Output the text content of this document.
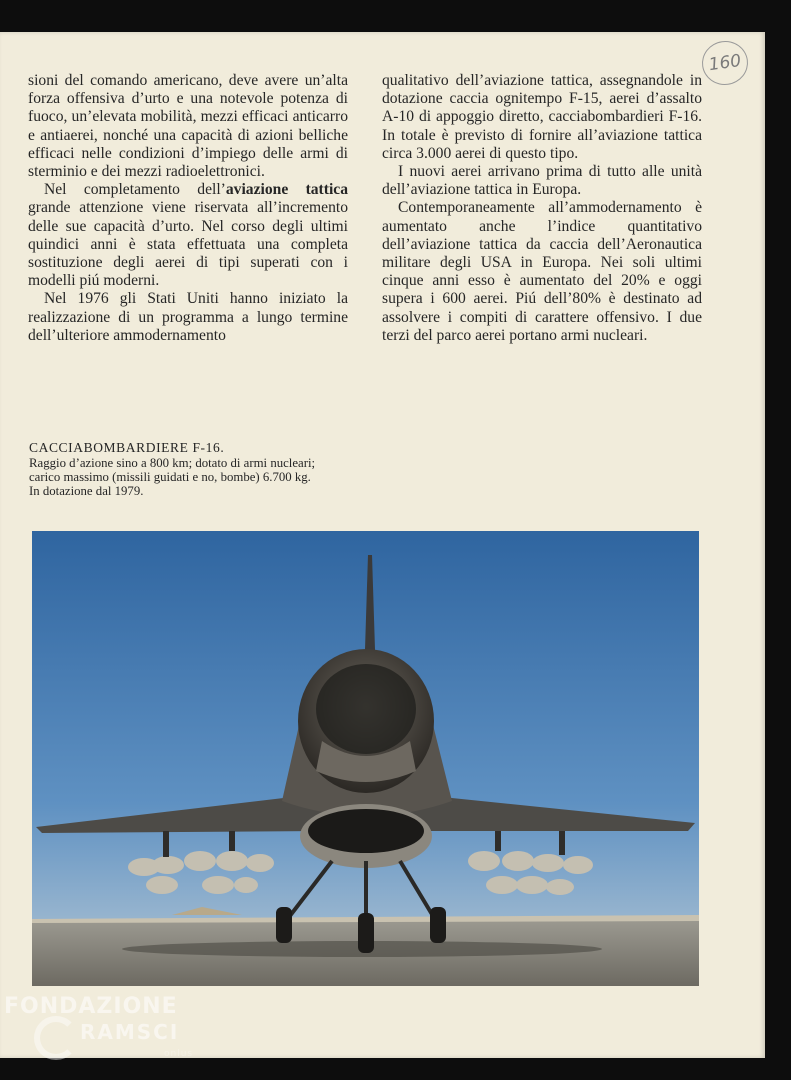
160

sioni del comando americano, deve avere un’alta forza offensiva d’urto e una notevole potenza di fuoco, un’elevata mobilità, mezzi efficaci anticarro e antiaerei, nonché una capacità di azioni belliche efficaci nelle condizioni d’impiego delle armi di sterminio e dei mezzi radioelettronici.

Nel completamento dell’aviazione tattica grande attenzione viene riservata all’incremento delle sue capacità d’urto. Nel corso degli ultimi quindici anni è stata effettuata una completa sostituzione degli aerei di tipi superati con i modelli piú moderni.

Nel 1976 gli Stati Uniti hanno iniziato la realizzazione di un programma a lungo termine dell’ulteriore ammodernamento

qualitativo dell’aviazione tattica, assegnandole in dotazione caccia ognitempo F-15, aerei d’assalto A-10 di appoggio diretto, cacciabombardieri F-16. In totale è previsto di fornire all’aviazione tattica circa 3.000 aerei di questo tipo.

I nuovi aerei arrivano prima di tutto alle unità dell’aviazione tattica in Europa.

Contemporaneamente all’ammodernamento è aumentato anche l’indice quantitativo dell’aviazione tattica da caccia dell’Aeronautica militare degli USA in Europa. Nei soli ultimi cinque anni esso è aumentato del 20% e oggi supera i 600 aerei. Piú dell’80% è destinato ad assolvere i compiti di carattere offensivo. I due terzi del parco aerei portano armi nucleari.

CACCIABOMBARDIERE F-16.
Raggio d’azione sino a 800 km; dotato di armi nucleari; carico massimo (missili guidati e no, bombe) 6.700 kg. In dotazione dal 1979.
FONDAZIONE
RAMSCI
onlus
